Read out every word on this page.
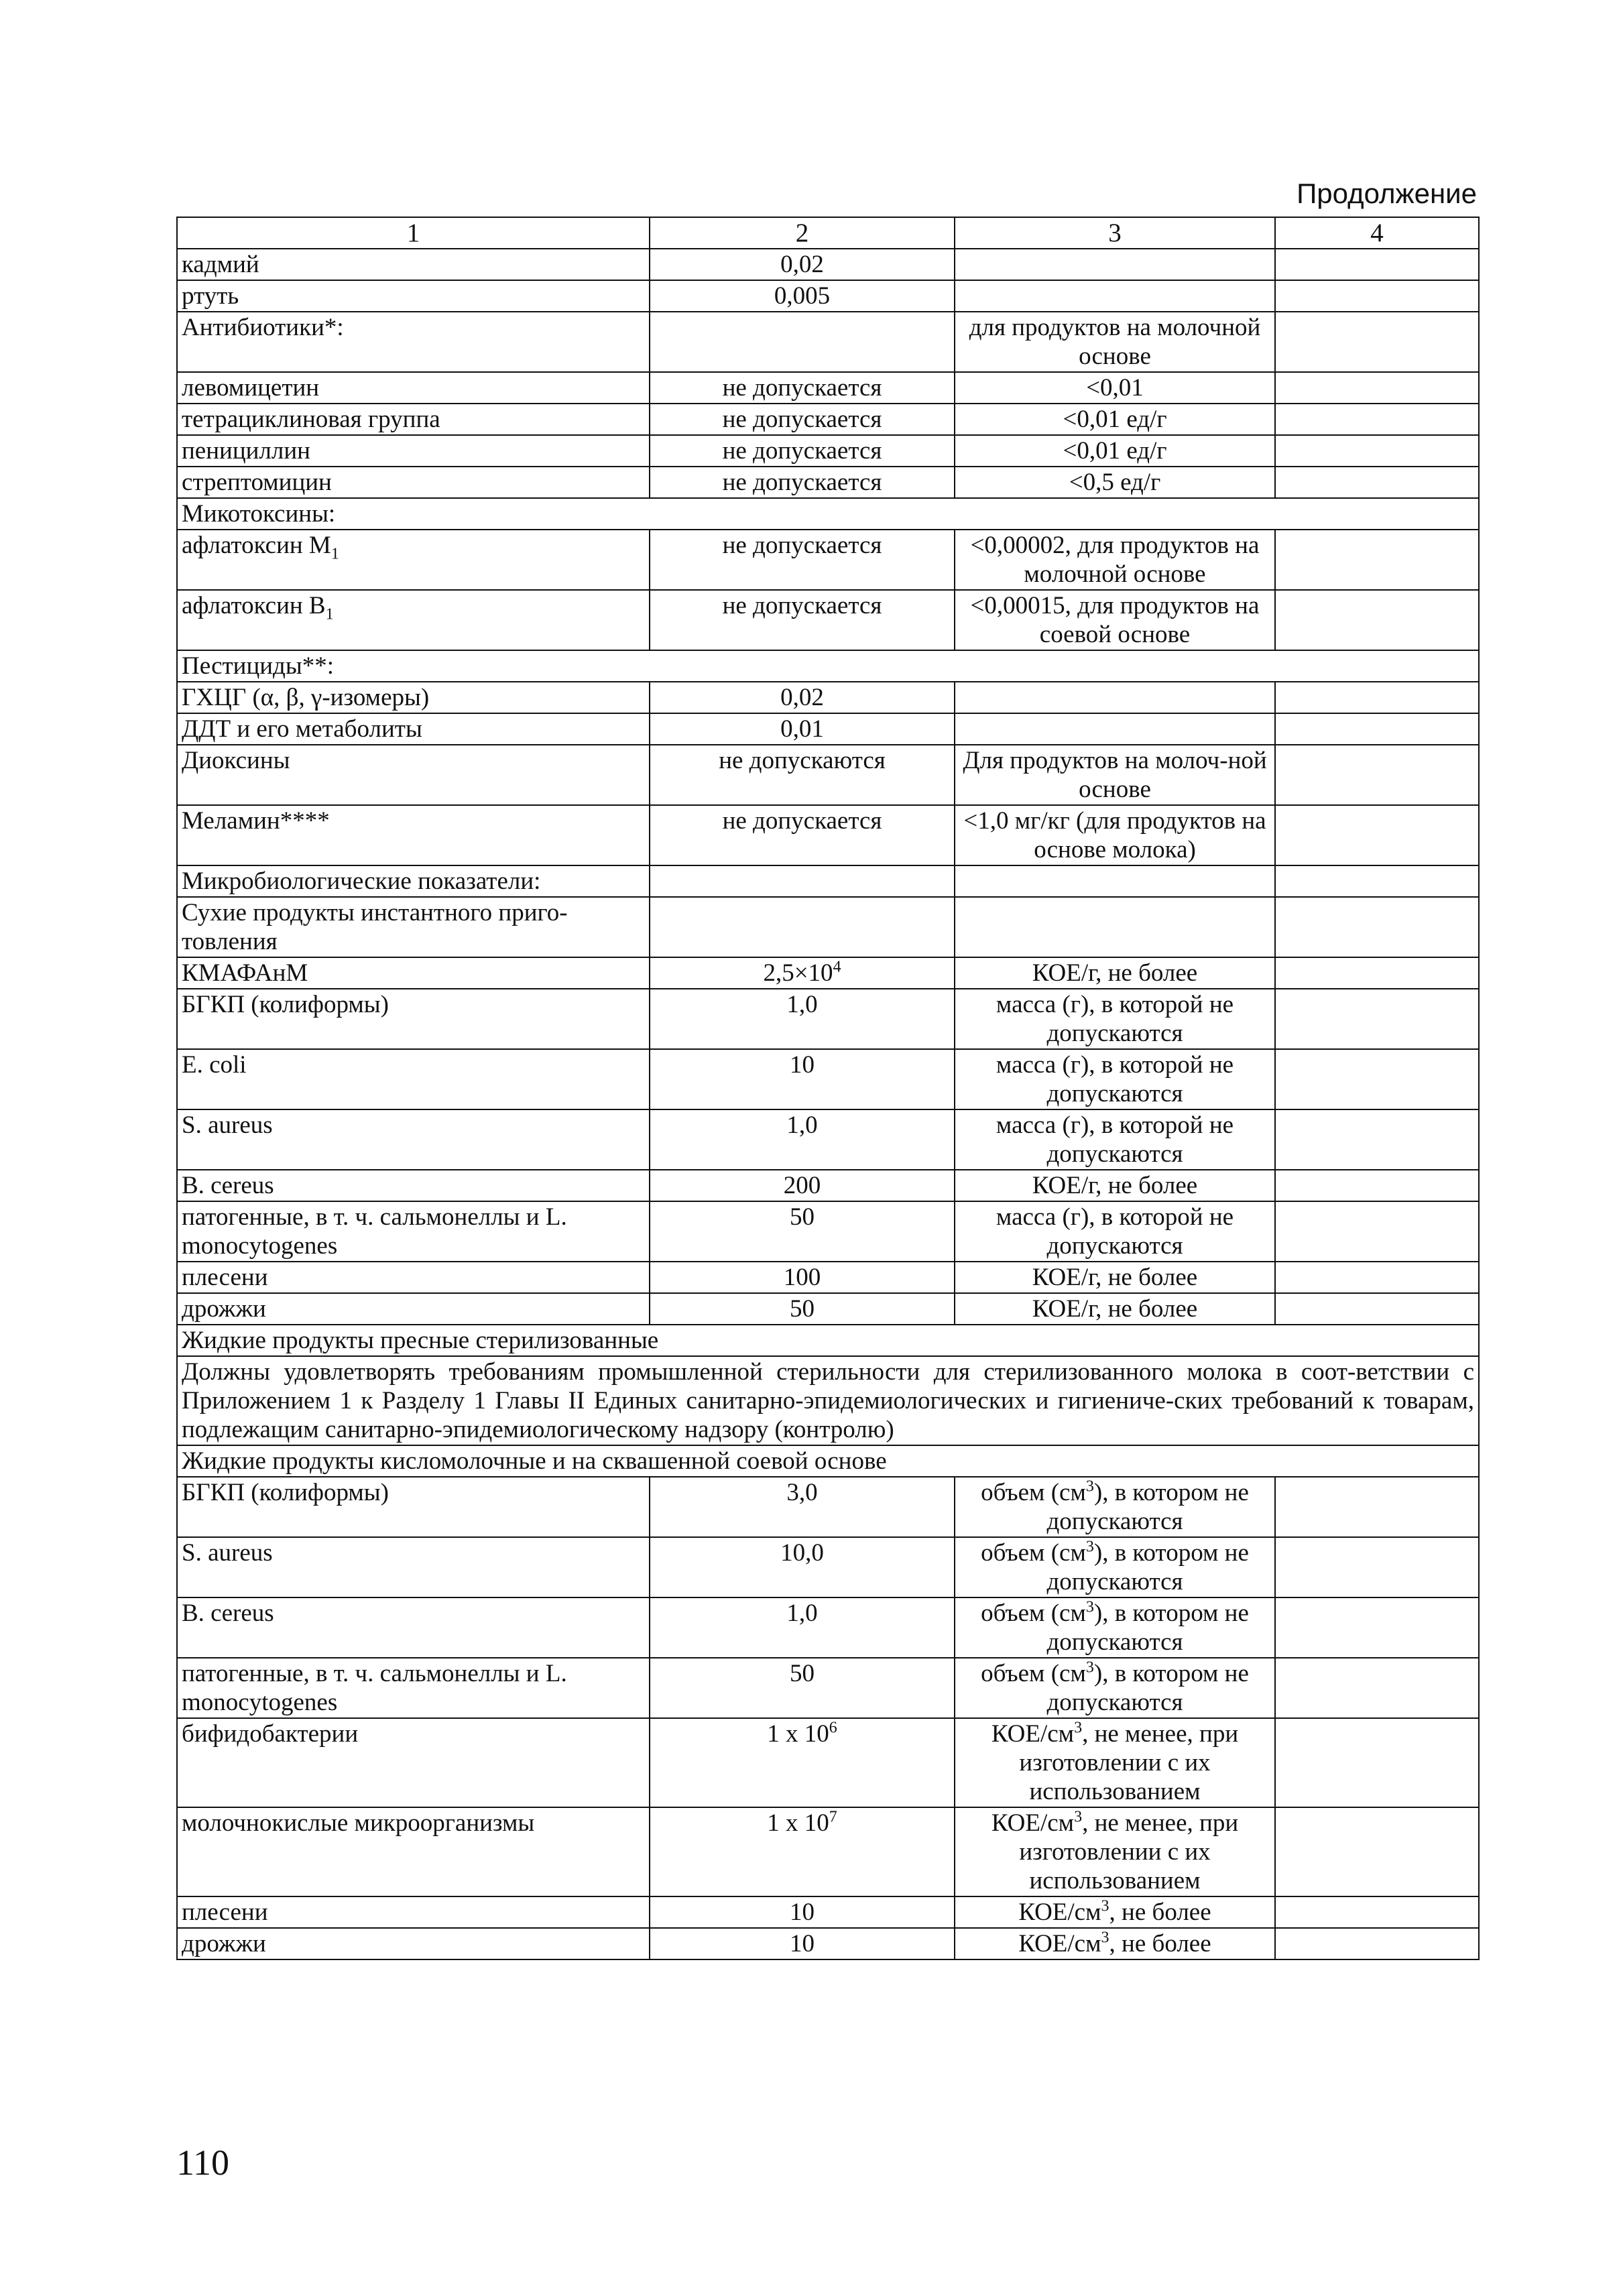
Продолжение
1	2	3	4
кадмий	0,02		
ртуть	0,005		
Антибиотики*:		для продуктов на молочной основе	
левомицетин	не допускается	<0,01	
тетрациклиновая группа	не допускается	<0,01 ед/г	
пенициллин	не допускается	<0,01 ед/г	
стрептомицин	не допускается	<0,5 ед/г	
Микотоксины:			
афлатоксин $M_1$	не допускается	<0,00002, для продуктов на молочной основе	
афлатоксин $B_1$	не допускается	<0,00015, для продуктов на соевой основе	
Пестициды**:			
ГХЦГ (α, β, γ-изомеры)	0,02		
ДДТ и его метаболиты	0,01		
Диоксины	не допускаются	Для продуктов на молоч-ной основе	
Меламин****	не допускается	<1,0 мг/кг (для продуктов на основе молока)	
Микробиологические показатели:			
Сухие продукты инстантного приго-товления			
КМАФАнМ	$2,5\times 10^4$	КОЕ/г, не более	
БГКП (колиформы)	1,0	масса (г), в которой не допускаются	
E. coli	10	масса (г), в которой не допускаются	
S. aureus	1,0	масса (г), в которой не допускаются	
B. cereus	200	КОЕ/г, не более	
патогенные, в т. ч. сальмонеллы и L. monocytogenes	50	масса (г), в которой не допускаются	
плесени	100	КОЕ/г, не более	
дрожжи	50	КОЕ/г, не более	
Жидкие продукты пресные стерилизованные			
Должны удовлетворять требованиям промышленной стерильности для стерилизованного молока в соот-ветствии с Приложением 1 к Разделу 1 Главы II Единых санитарно-эпидемиологических и гигиениче-ских требований к товарам, подлежащим санитарно-эпидемиологическому надзору (контролю)			
Жидкие продукты кисломолочные и на сквашенной соевой основе			
БГКП (колиформы)	3,0	объем $(см^3)$, в котором не допускаются	
S. aureus	10,0	объем $(см^3)$, в котором не допускаются	
B. cereus	1,0	объем $(см^3)$, в котором не допускаются	
патогенные, в т. ч. сальмонеллы и L. monocytogenes	50	объем $(см^3)$, в котором не допускаются	
бифидобактерии	1 x $10^6$	КОЕ/$см^3$, не менее, при изготовлении с их использованием	
молочнокислые микроорганизмы	1 x $10^7$	КОЕ/$см^3$, не менее, при изготовлении с их использованием	
плесени	10	КОЕ/$см^3$, не более	
дрожжи	10	КОЕ/$см^3$, не более	
110
